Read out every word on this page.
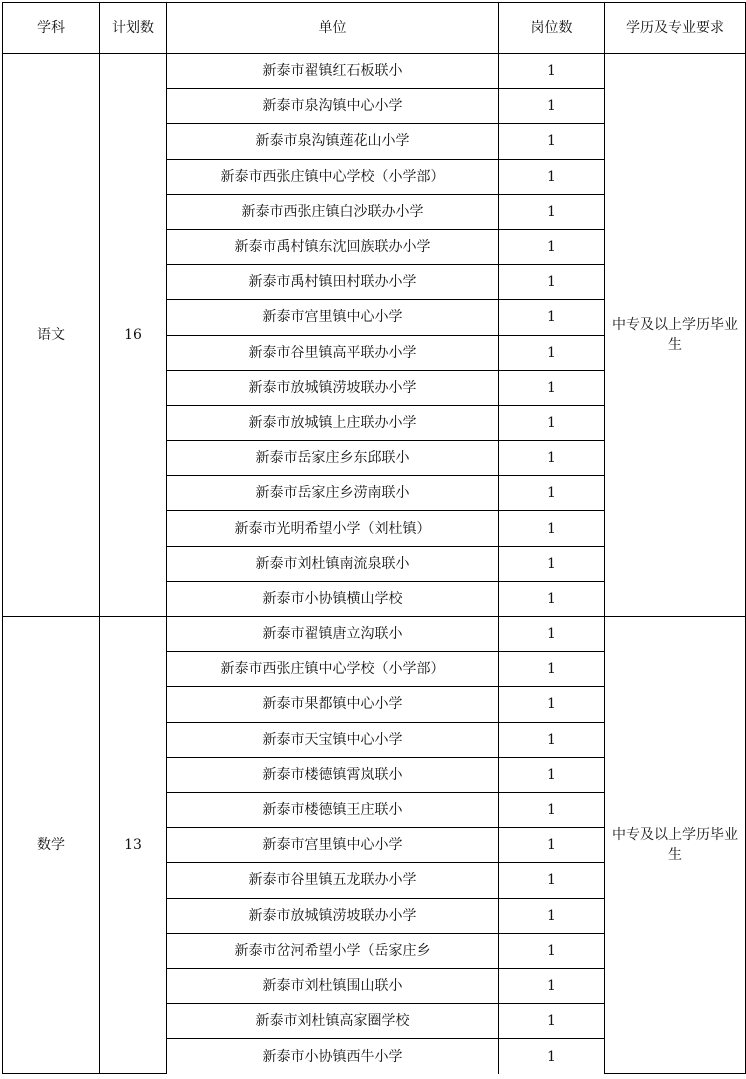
学科	计划数	单位	岗位数	学历及专业要求
语文	16	新泰市翟镇红石板联小	1	中专及以上学历毕业生
		新泰市泉沟镇中心小学	1	
		新泰市泉沟镇莲花山小学	1	
		新泰市西张庄镇中心学校（小学部）	1	
		新泰市西张庄镇白沙联办小学	1	
		新泰市禹村镇东沈回族联办小学	1	
		新泰市禹村镇田村联办小学	1	
		新泰市宫里镇中心小学	1	
		新泰市谷里镇高平联办小学	1	
		新泰市放城镇涝坡联办小学	1	
		新泰市放城镇上庄联办小学	1	
		新泰市岳家庄乡东邱联小	1	
		新泰市岳家庄乡涝南联小	1	
		新泰市光明希望小学（刘杜镇）	1	
		新泰市刘杜镇南流泉联小	1	
		新泰市小协镇横山学校	1	
数学	13	新泰市翟镇唐立沟联小	1	中专及以上学历毕业生
		新泰市西张庄镇中心学校（小学部）	1	
		新泰市果都镇中心小学	1	
		新泰市天宝镇中心小学	1	
		新泰市楼德镇霄岚联小	1	
		新泰市楼德镇王庄联小	1	
		新泰市宫里镇中心小学	1	
		新泰市谷里镇五龙联办小学	1	
		新泰市放城镇涝坡联办小学	1	
		新泰市岔河希望小学（岳家庄乡	1	
		新泰市刘杜镇围山联小	1	
		新泰市刘杜镇高家圈学校	1	
		新泰市小协镇西牛小学	1	
